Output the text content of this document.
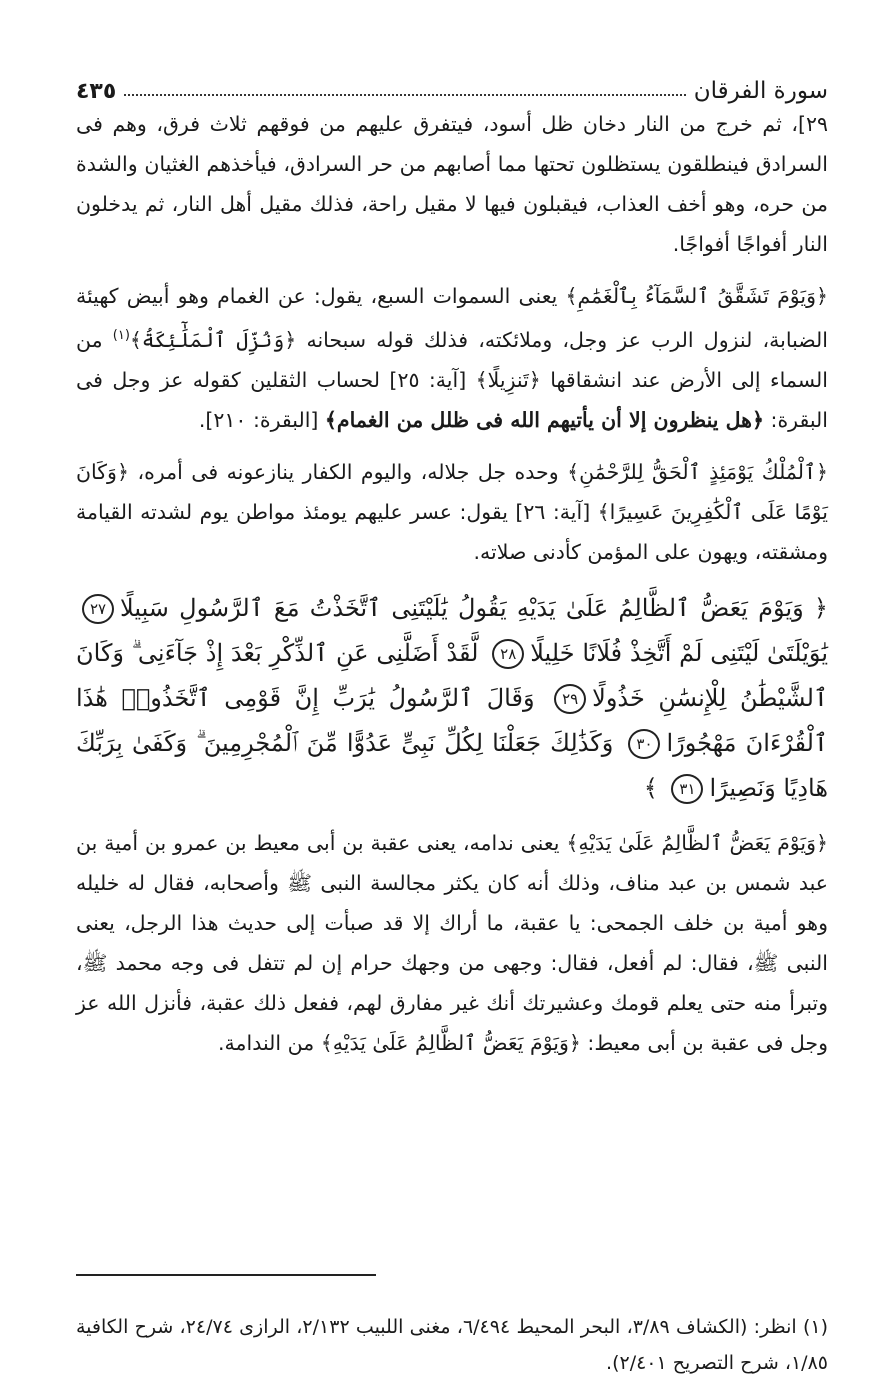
سورة الفرقان
٤٣٥

٢٩]، ثم خرج من النار دخان ظل أسود، فيتفرق عليهم من فوقهم ثلاث فرق، وهم فى السرادق فينطلقون يستظلون تحتها مما أصابهم من حر السرادق، فيأخذهم الغثيان والشدة من حره، وهو أخف العذاب، فيقبلون فيها لا مقيل راحة، فذلك مقيل أهل النار، ثم يدخلون النار أفواجًا أفواجًا.

﴿وَيَوْمَ تَشَقَّقُ ٱلسَّمَآءُ بِٱلْغَمَٰمِ﴾ يعنى السموات السبع، يقول: عن الغمام وهو أبيض كهيئة الضبابة، لنزول الرب عز وجل، وملائكته، فذلك قوله سبحانه ﴿وَنُزِّلَ ٱلْمَلَٰٓئِكَةُ﴾$^{(١)}$ من السماء إلى الأرض عند انشقاقها ﴿تَنزِيلًا﴾ [آية: ٢٥] لحساب الثقلين كقوله عز وجل فى البقرة: ﴿هل ينظرون إلا أن يأتيهم الله فى ظلل من الغمام﴾ [البقرة: ٢١٠].

﴿ٱلْمُلْكُ يَوْمَئِذٍ ٱلْحَقُّ لِلرَّحْمَٰنِ﴾ وحده جل جلاله، واليوم الكفار ينازعونه فى أمره، ﴿وَكَانَ يَوْمًا عَلَى ٱلْكَٰفِرِينَ عَسِيرًا﴾ [آية: ٢٦] يقول: عسر عليهم يومئذ مواطن يوم لشدته القيامة ومشقته، ويهون على المؤمن كأدنى صلاته.

﴿ وَيَوْمَ يَعَضُّ ٱلظَّالِمُ عَلَىٰ يَدَيْهِ يَقُولُ يَٰلَيْتَنِى ٱتَّخَذْتُ مَعَ ٱلرَّسُولِ سَبِيلًا٢٧ يَٰوَيْلَتَىٰ لَيْتَنِى لَمْ أَتَّخِذْ فُلَانًا خَلِيلًا٢٨ لَّقَدْ أَضَلَّنِى عَنِ ٱلذِّكْرِ بَعْدَ إِذْ جَآءَنِى ۗ وَكَانَ ٱلشَّيْطَٰنُ لِلْإِنسَٰنِ خَذُولًا٢٩ وَقَالَ ٱلرَّسُولُ يَٰرَبِّ إِنَّ قَوْمِى ٱتَّخَذُوا۟ هَٰذَا ٱلْقُرْءَانَ مَهْجُورًا٣٠ وَكَذَٰلِكَ جَعَلْنَا لِكُلِّ نَبِىٍّ عَدُوًّا مِّنَ ٱلْمُجْرِمِينَ ۗ وَكَفَىٰ بِرَبِّكَ هَادِيًا وَنَصِيرًا٣١ ﴾

﴿وَيَوْمَ يَعَضُّ ٱلظَّالِمُ عَلَىٰ يَدَيْهِ﴾ يعنى ندامه، يعنى عقبة بن أبى معيط بن عمرو بن أمية بن عبد شمس بن عبد مناف، وذلك أنه كان يكثر مجالسة النبى ﷺ وأصحابه، فقال له خليله وهو أمية بن خلف الجمحى: يا عقبة، ما أراك إلا قد صبأت إلى حديث هذا الرجل، يعنى النبى ﷺ، فقال: لم أفعل، فقال: وجهى من وجهك حرام إن لم تتفل فى وجه محمد ﷺ، وتبرأ منه حتى يعلم قومك وعشيرتك أنك غير مفارق لهم، ففعل ذلك عقبة، فأنزل الله عز وجل فى عقبة بن أبى معيط: ﴿وَيَوْمَ يَعَضُّ ٱلظَّالِمُ عَلَىٰ يَدَيْهِ﴾ من الندامة.

(١) انظر: (الكشاف ٣/٨٩، البحر المحيط ٦/٤٩٤، مغنى اللبيب ٢/١٣٢، الرازى ٢٤/٧٤، شرح الكافية ١/٨٥، شرح التصريح ٢/٤٠١).
